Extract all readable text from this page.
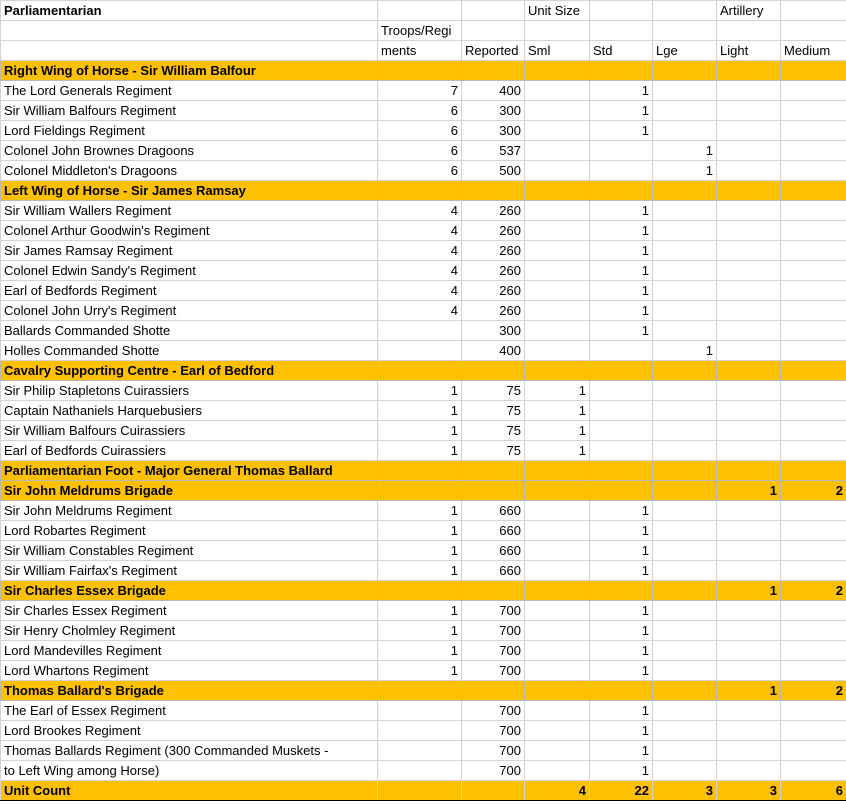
Parliamentarian			Unit Size			Artillery	
	Troops/Regi						
	ments	Reported	Sml	Std	Lge	Light	Medium
Right Wing of Horse - Sir William Balfour							
The Lord Generals Regiment	7	400		1			
Sir William Balfours Regiment	6	300		1			
Lord Fieldings Regiment	6	300		1			
Colonel John Brownes Dragoons	6	537			1		
Colonel Middleton's Dragoons	6	500			1		
Left Wing of Horse - Sir James Ramsay							
Sir William Wallers Regiment	4	260		1			
Colonel Arthur Goodwin's Regiment	4	260		1			
Sir James Ramsay Regiment	4	260		1			
Colonel Edwin Sandy's Regiment	4	260		1			
Earl of Bedfords Regiment	4	260		1			
Colonel John Urry's Regiment	4	260		1			
Ballards Commanded Shotte		300		1			
Holles Commanded Shotte		400			1		
Cavalry Supporting Centre - Earl of Bedford							
Sir Philip Stapletons Cuirassiers	1	75	1				
Captain Nathaniels Harquebusiers	1	75	1				
Sir William Balfours Cuirassiers	1	75	1				
Earl of Bedfords Cuirassiers	1	75	1				
Parliamentarian Foot - Major General Thomas Ballard							
Sir John Meldrums Brigade						1	2
Sir John Meldrums Regiment	1	660		1			
Lord Robartes Regiment	1	660		1			
Sir William Constables Regiment	1	660		1			
Sir William Fairfax's Regiment	1	660		1			
Sir Charles Essex Brigade						1	2
Sir Charles Essex Regiment	1	700		1			
Sir Henry Cholmley Regiment	1	700		1			
Lord Mandevilles Regiment	1	700		1			
Lord Whartons Regiment	1	700		1			
Thomas Ballard's Brigade						1	2
The Earl of Essex Regiment		700		1			
Lord Brookes Regiment		700		1			
Thomas Ballards Regiment (300 Commanded Muskets -		700		1			
to Left Wing among Horse)		700		1			
Unit Count			4	22	3	3	6
